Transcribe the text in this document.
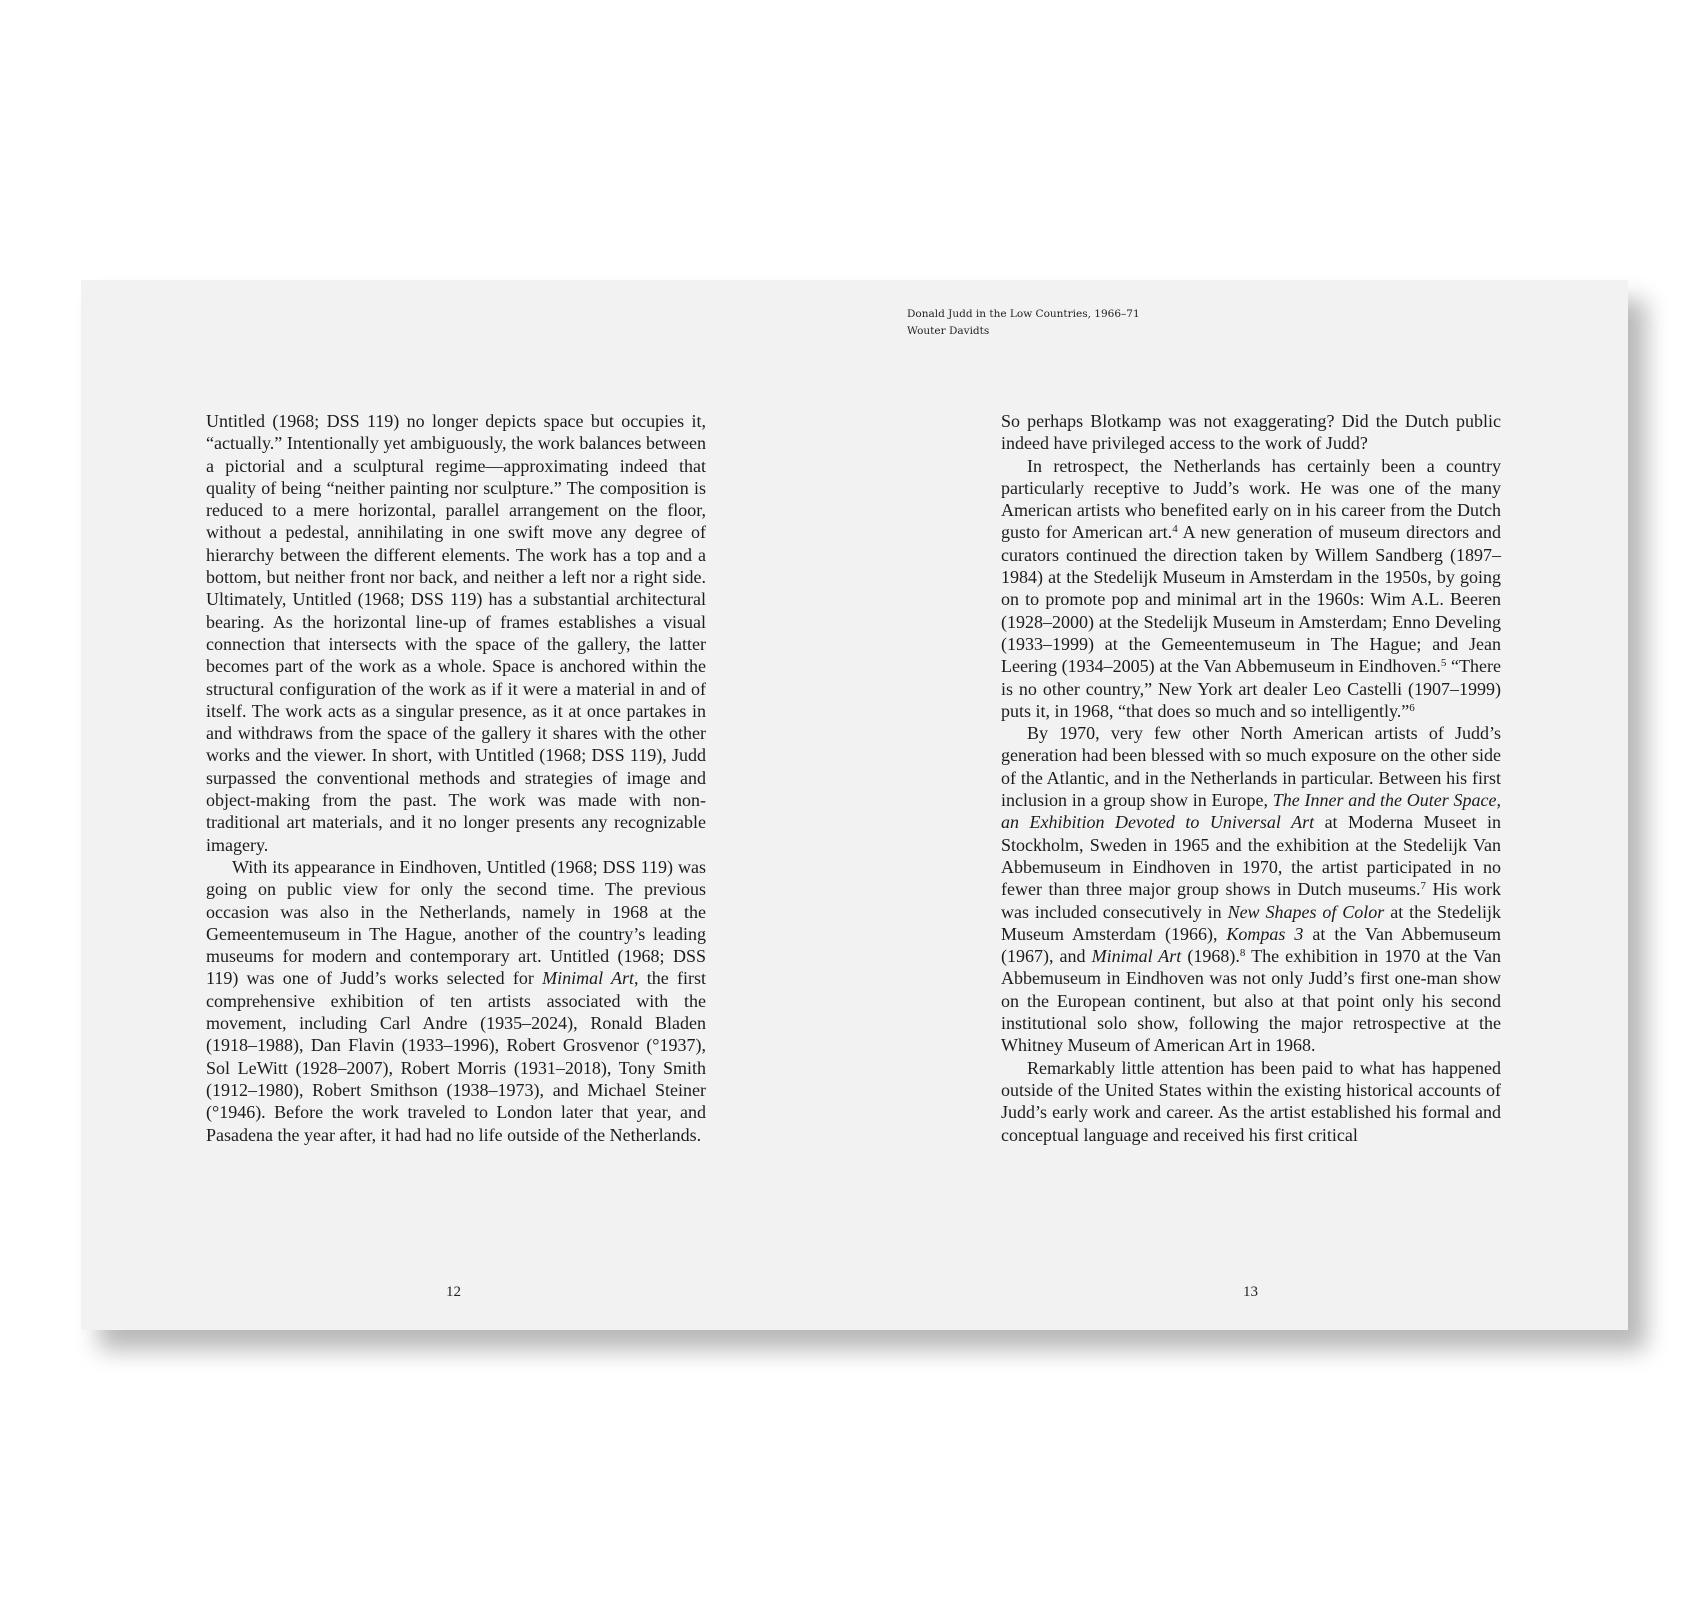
Donald Judd in the Low Countries, 1966–71
Wouter Davidts

Untitled (1968; DSS 119) no longer depicts space but occupies it, “actually.” Intentionally yet ambiguously, the work balances between a pictorial and a sculptural regime—approximating indeed that quality of being “neither painting nor sculpture.” The composition is reduced to a mere horizontal, parallel arrangement on the floor, without a pedestal, annihilating in one swift move any degree of hierarchy between the different elements. The work has a top and a bottom, but neither front nor back, and neither a left nor a right side. Ultimately, Untitled (1968; DSS 119) has a substantial architectural bearing. As the horizontal line-up of frames establishes a visual connection that intersects with the space of the gallery, the latter becomes part of the work as a whole. Space is anchored within the structural configuration of the work as if it were a material in and of itself. The work acts as a singular presence, as it at once partakes in and withdraws from the space of the gallery it shares with the other works and the viewer. In short, with Untitled (1968; DSS 119), Judd surpassed the conventional methods and strategies of image and object-making from the past. The work was made with non-traditional art materials, and it no longer presents any recognizable imagery.

With its appearance in Eindhoven, Untitled (1968; DSS 119) was going on public view for only the second time. The previous occasion was also in the Netherlands, namely in 1968 at the Gemeentemuseum in The Hague, another of the country’s leading museums for modern and contemporary art. Untitled (1968; DSS 119) was one of Judd’s works selected for Minimal Art, the first comprehensive exhibition of ten artists associated with the movement, including Carl Andre (1935–2024), Ronald Bladen (1918–1988), Dan Flavin (1933–1996), Robert Grosvenor (°1937), Sol LeWitt (1928–2007), Robert Morris (1931–2018), Tony Smith (1912–1980), Robert Smithson (1938–1973), and Michael Steiner (°1946). Before the work traveled to London later that year, and Pasadena the year after, it had had no life outside of the Netherlands.

So perhaps Blotkamp was not exaggerating? Did the Dutch public indeed have privileged access to the work of Judd?

In retrospect, the Netherlands has certainly been a country particularly receptive to Judd’s work. He was one of the many American artists who benefited early on in his career from the Dutch gusto for American art.$^4$ A new generation of museum directors and curators continued the direction taken by Willem Sandberg (1897–1984) at the Stedelijk Museum in Amsterdam in the 1950s, by going on to promote pop and minimal art in the 1960s: Wim A.L. Beeren (1928–2000) at the Stedelijk Museum in Amsterdam; Enno Develing (1933–1999) at the Gemeentemuseum in The Hague; and Jean Leering (1934–2005) at the Van Abbemuseum in Eindhoven.$^5$ “There is no other country,” New York art dealer Leo Castelli (1907–1999) puts it, in 1968, “that does so much and so intelligently.”$^6$

By 1970, very few other North American artists of Judd’s generation had been blessed with so much exposure on the other side of the Atlantic, and in the Netherlands in particular. Between his first inclusion in a group show in Europe, The Inner and the Outer Space, an Exhibition Devoted to Universal Art at Moderna Museet in Stockholm, Sweden in 1965 and the exhibition at the Stedelijk Van Abbemuseum in Eindhoven in 1970, the artist participated in no fewer than three major group shows in Dutch museums.$^7$ His work was included consecutively in New Shapes of Color at the Stedelijk Museum Amsterdam (1966), Kompas 3 at the Van Abbemuseum (1967), and Minimal Art (1968).$^8$ The exhibition in 1970 at the Van Abbemuseum in Eindhoven was not only Judd’s first one-man show on the European continent, but also at that point only his second institutional solo show, following the major retrospective at the Whitney Museum of American Art in 1968.

Remarkably little attention has been paid to what has happened outside of the United States within the existing historical accounts of Judd’s early work and career. As the artist established his formal and conceptual language and received his first critical

12	13
